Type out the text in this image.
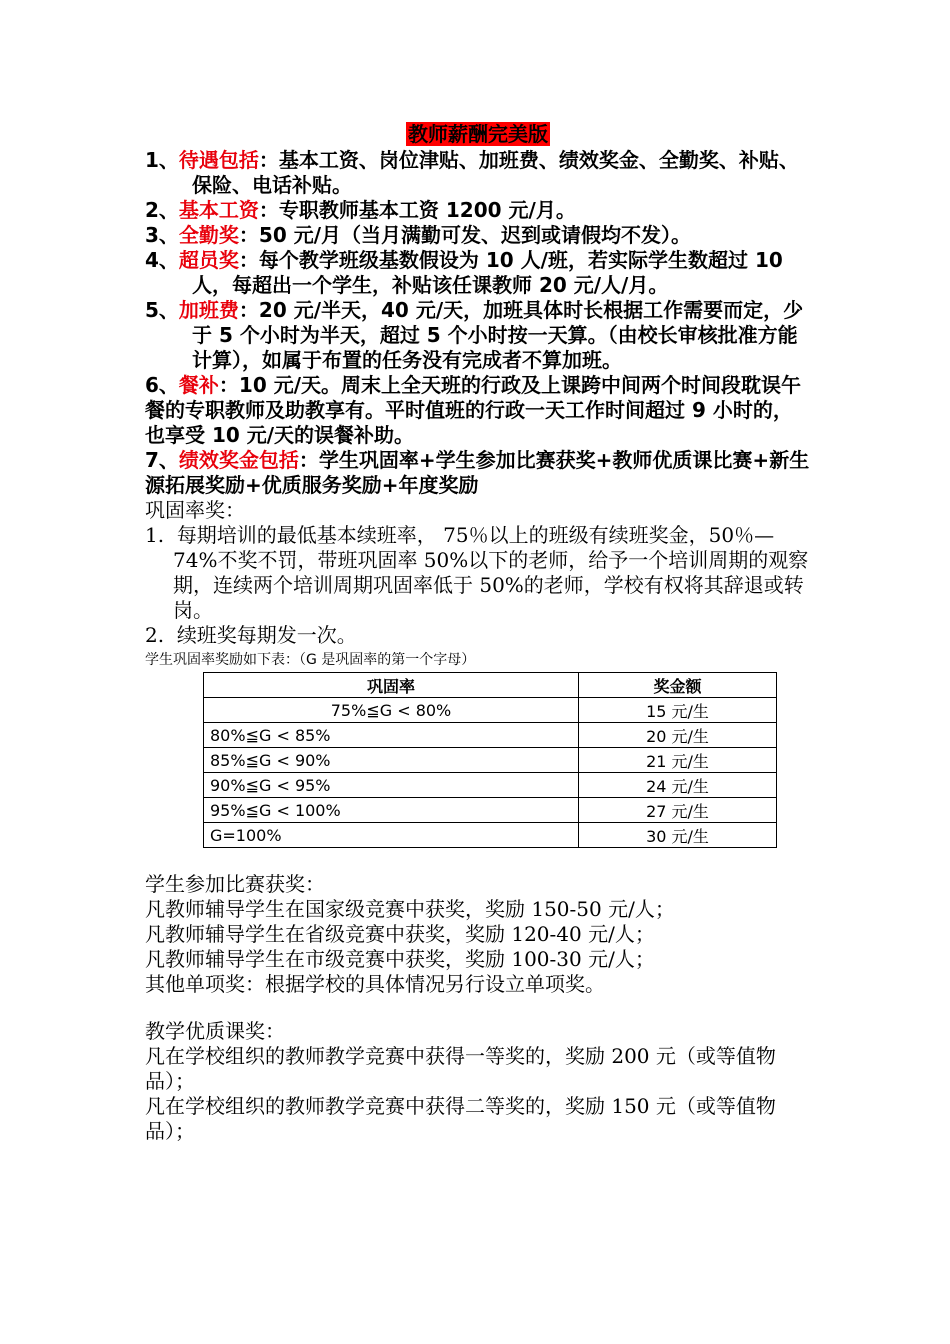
教师薪酬完美版

1、待遇包括：基本工资、岗位津贴、加班费、绩效奖金、全勤奖、补贴、保险、电话补贴。

2、基本工资：专职教师基本工资 1200 元/月。

3、全勤奖：50 元/月（当月满勤可发、迟到或请假均不发）。

4、超员奖：每个教学班级基数假设为 10 人/班，若实际学生数超过 10 人，每超出一个学生，补贴该任课教师 20 元/人/月。

5、加班费：20 元/半天，40 元/天，加班具体时长根据工作需要而定，少于 5 个小时为半天，超过 5 个小时按一天算。（由校长审核批准方能计算），如属于布置的任务没有完成者不算加班。

6、餐补：10 元/天。周末上全天班的行政及上课跨中间两个时间段耽误午餐的专职教师及助教享有。平时值班的行政一天工作时间超过 9 小时的，也享受 10 元/天的误餐补助。

7、绩效奖金包括：学生巩固率+学生参加比赛获奖+教师优质课比赛+新生源拓展奖励+优质服务奖励+年度奖励

巩固率奖：

1. 每期培训的最低基本续班率， 75％以上的班级有续班奖金，50％—74%不奖不罚，带班巩固率 50%以下的老师，给予一个培训周期的观察期，连续两个培训周期巩固率低于 50%的老师，学校有权将其辞退或转岗。

2. 续班奖每期发一次。

学生巩固率奖励如下表：（G 是巩固率的第一个字母）

巩固率	奖金额
75%≦G < 80%	15 元/生
80%≦G < 85%	20 元/生
85%≦G < 90%	21 元/生
90%≦G < 95%	24 元/生
95%≦G < 100%	27 元/生
G=100%	30 元/生

学生参加比赛获奖：

凡教师辅导学生在国家级竞赛中获奖，奖励 150-50 元/人；

凡教师辅导学生在省级竞赛中获奖，奖励 120-40 元/人；

凡教师辅导学生在市级竞赛中获奖，奖励 100-30 元/人；

其他单项奖：根据学校的具体情况另行设立单项奖。

教学优质课奖：

凡在学校组织的教师教学竞赛中获得一等奖的，奖励 200 元（或等值物品）；

凡在学校组织的教师教学竞赛中获得二等奖的，奖励 150 元（或等值物品）；
